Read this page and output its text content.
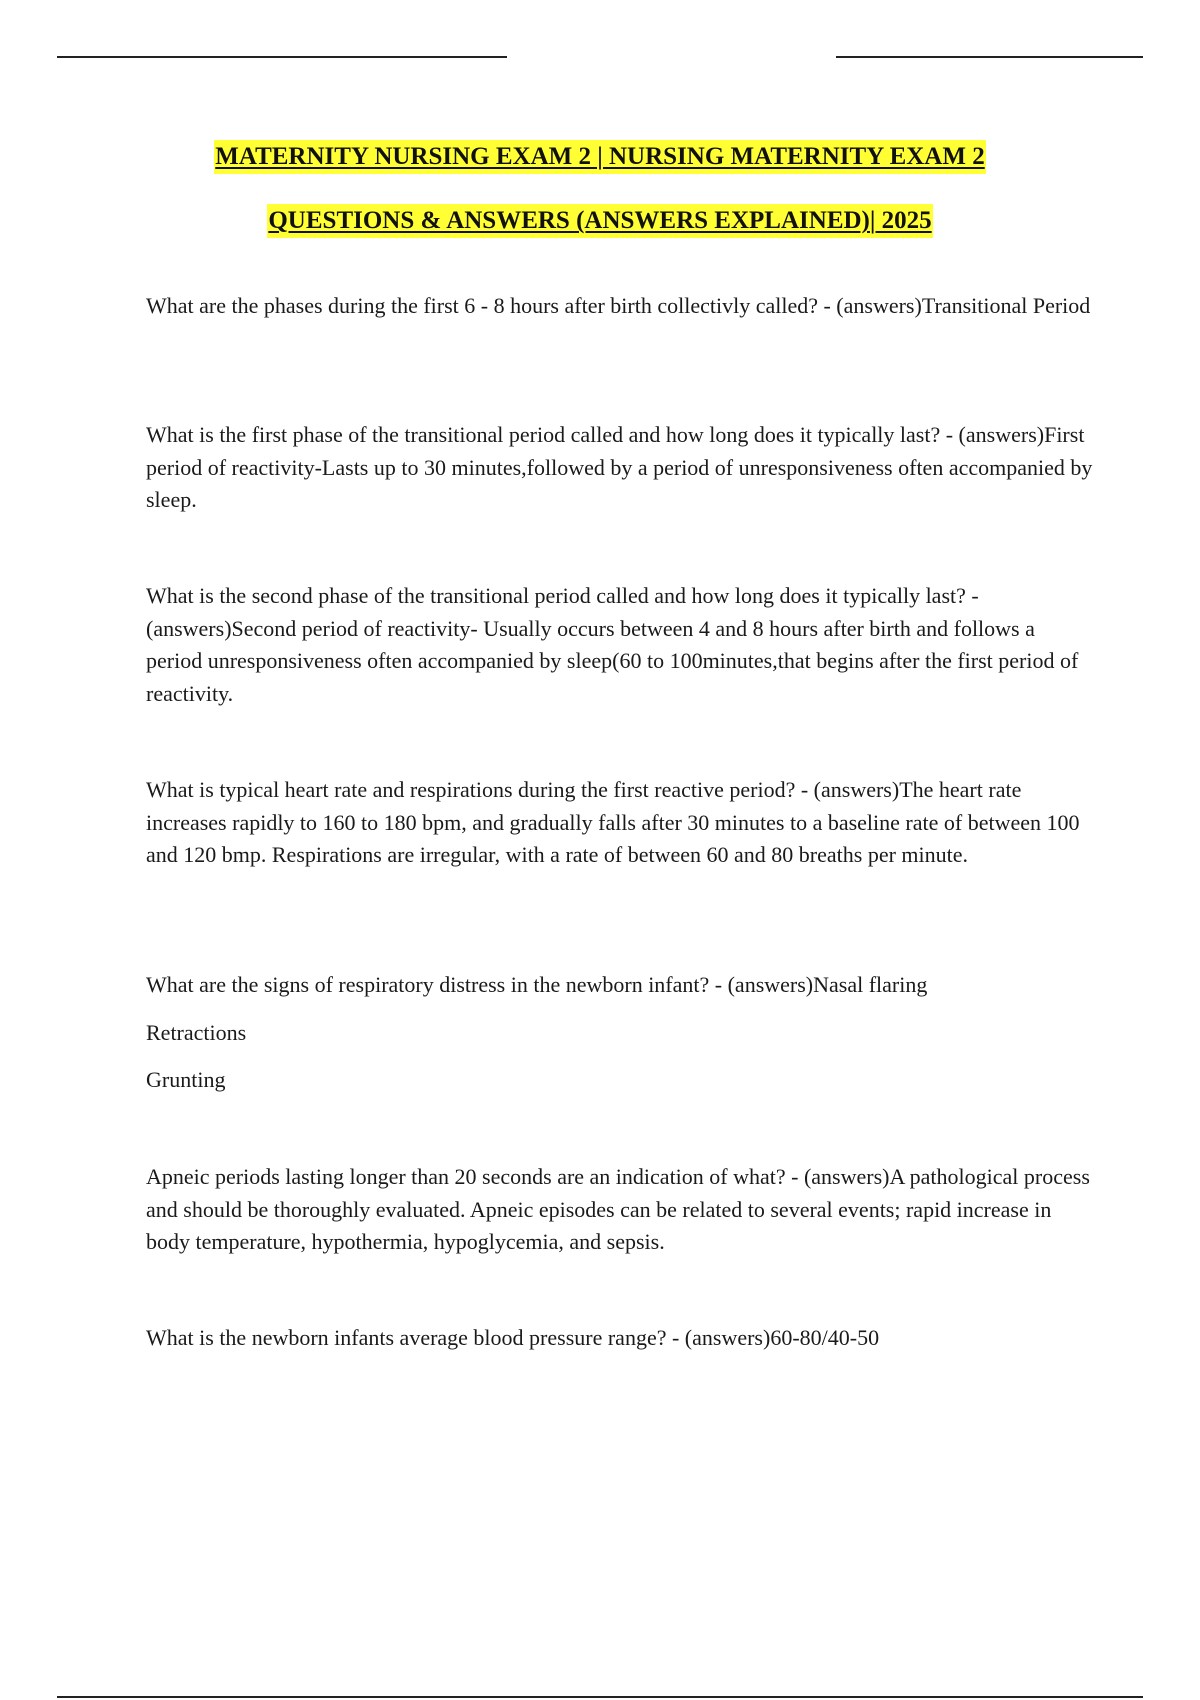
MATERNITY NURSING EXAM 2 | NURSING MATERNITY EXAM 2
QUESTIONS & ANSWERS (ANSWERS EXPLAINED)| 2025

What are the phases during the first 6 - 8 hours after birth collectivly called? - (answers)Transitional Period

What is the first phase of the transitional period called and how long does it typically last? - (answers)First period of reactivity-Lasts up to 30 minutes,followed by a period of unresponsiveness often accompanied by sleep.

What is the second phase of the transitional period called and how long does it typically last? - (answers)Second period of reactivity- Usually occurs between 4 and 8 hours after birth and follows a period unresponsiveness often accompanied by sleep(60 to 100minutes,that begins after the first period of reactivity.

What is typical heart rate and respirations during the first reactive period? - (answers)The heart rate increases rapidly to 160 to 180 bpm, and gradually falls after 30 minutes to a baseline rate of between 100 and 120 bmp. Respirations are irregular, with a rate of between 60 and 80 breaths per minute.

What are the signs of respiratory distress in the newborn infant? - (answers)Nasal flaring

Retractions

Grunting

Apneic periods lasting longer than 20 seconds are an indication of what? - (answers)A pathological process and should be thoroughly evaluated. Apneic episodes can be related to several events; rapid increase in body temperature, hypothermia, hypoglycemia, and sepsis.

What is the newborn infants average blood pressure range? - (answers)60-80/40-50
